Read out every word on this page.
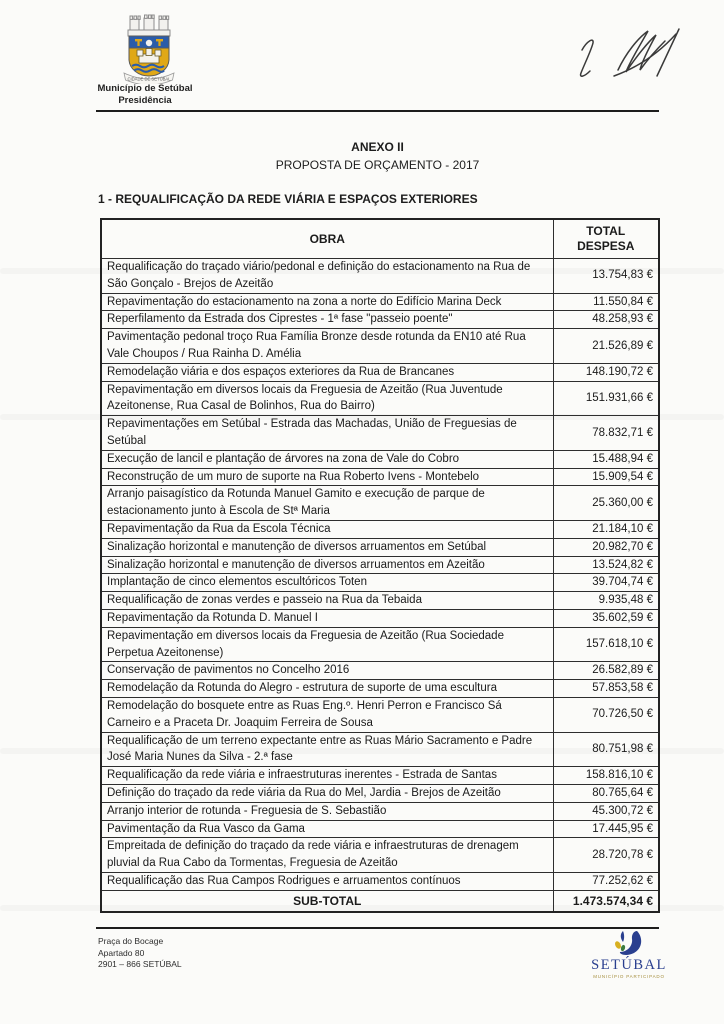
CIDADE DE SETÚBAL
Município de Setúbal
Presidência
ANEXO II
PROPOSTA DE ORÇAMENTO - 2017
1 - REQUALIFICAÇÃO DA REDE VIÁRIA E ESPAÇOS EXTERIORES
OBRA	TOTAL
DESPESA
Requalificação do traçado viário/pedonal e definição do estacionamento na Rua de São Gonçalo - Brejos de Azeitão	13.754,83 €
Repavimentação do estacionamento na zona a norte do Edifício Marina Deck	11.550,84 €
Reperfilamento da Estrada dos Ciprestes - 1ª fase "passeio poente"	48.258,93 €
Pavimentação pedonal troço Rua Família Bronze desde rotunda da EN10 até Rua Vale Choupos / Rua Rainha D. Amélia	21.526,89 €
Remodelação viária e dos espaços exteriores da Rua de Brancanes	148.190,72 €
Repavimentação em diversos locais da Freguesia de Azeitão (Rua Juventude Azeitonense, Rua Casal de Bolinhos, Rua do Bairro)	151.931,66 €
Repavimentações em Setúbal - Estrada das Machadas, União de Freguesias de Setúbal	78.832,71 €
Execução de lancil e plantação de árvores na zona de Vale do Cobro	15.488,94 €
Reconstrução de um muro de suporte na Rua Roberto Ivens - Montebelo	15.909,54 €
Arranjo paisagístico da Rotunda Manuel Gamito e execução de parque de estacionamento junto à Escola de Stª Maria	25.360,00 €
Repavimentação da Rua da Escola Técnica	21.184,10 €
Sinalização horizontal e manutenção de diversos arruamentos em Setúbal	20.982,70 €
Sinalização horizontal e manutenção de diversos arruamentos em Azeitão	13.524,82 €
Implantação de cinco elementos escultóricos Toten	39.704,74 €
Requalificação de zonas verdes e passeio na Rua da Tebaida	9.935,48 €
Repavimentação da Rotunda D. Manuel I	35.602,59 €
Repavimentação em diversos locais da Freguesia de Azeitão (Rua Sociedade Perpetua Azeitonense)	157.618,10 €
Conservação de pavimentos no Concelho 2016	26.582,89 €
Remodelação da Rotunda do Alegro - estrutura de suporte de uma escultura	57.853,58 €
Remodelação do bosquete entre as Ruas Eng.º. Henri Perron e Francisco Sá Carneiro e a Praceta Dr. Joaquim Ferreira de Sousa	70.726,50 €
Requalificação de um terreno expectante entre as Ruas Mário Sacramento e Padre José Maria Nunes da Silva - 2.ª fase	80.751,98 €
Requalificação da rede viária e infraestruturas inerentes - Estrada de Santas	158.816,10 €
Definição do traçado da rede viária da Rua do Mel, Jardia - Brejos de Azeitão	80.765,64 €
Arranjo interior de rotunda - Freguesia de S. Sebastião	45.300,72 €
Pavimentação da Rua Vasco da Gama	17.445,95 €
Empreitada de definição do traçado da rede viária e infraestruturas de drenagem pluvial da Rua Cabo da Tormentas, Freguesia de Azeitão	28.720,78 €
Requalificação das Rua Campos Rodrigues e arruamentos contínuos	77.252,62 €
SUB-TOTAL	1.473.574,34 €
Praça do Bocage
Apartado 80
2901 – 866 SETÚBAL	SETÚBAL
MUNICÍPIO PARTICIPADO
